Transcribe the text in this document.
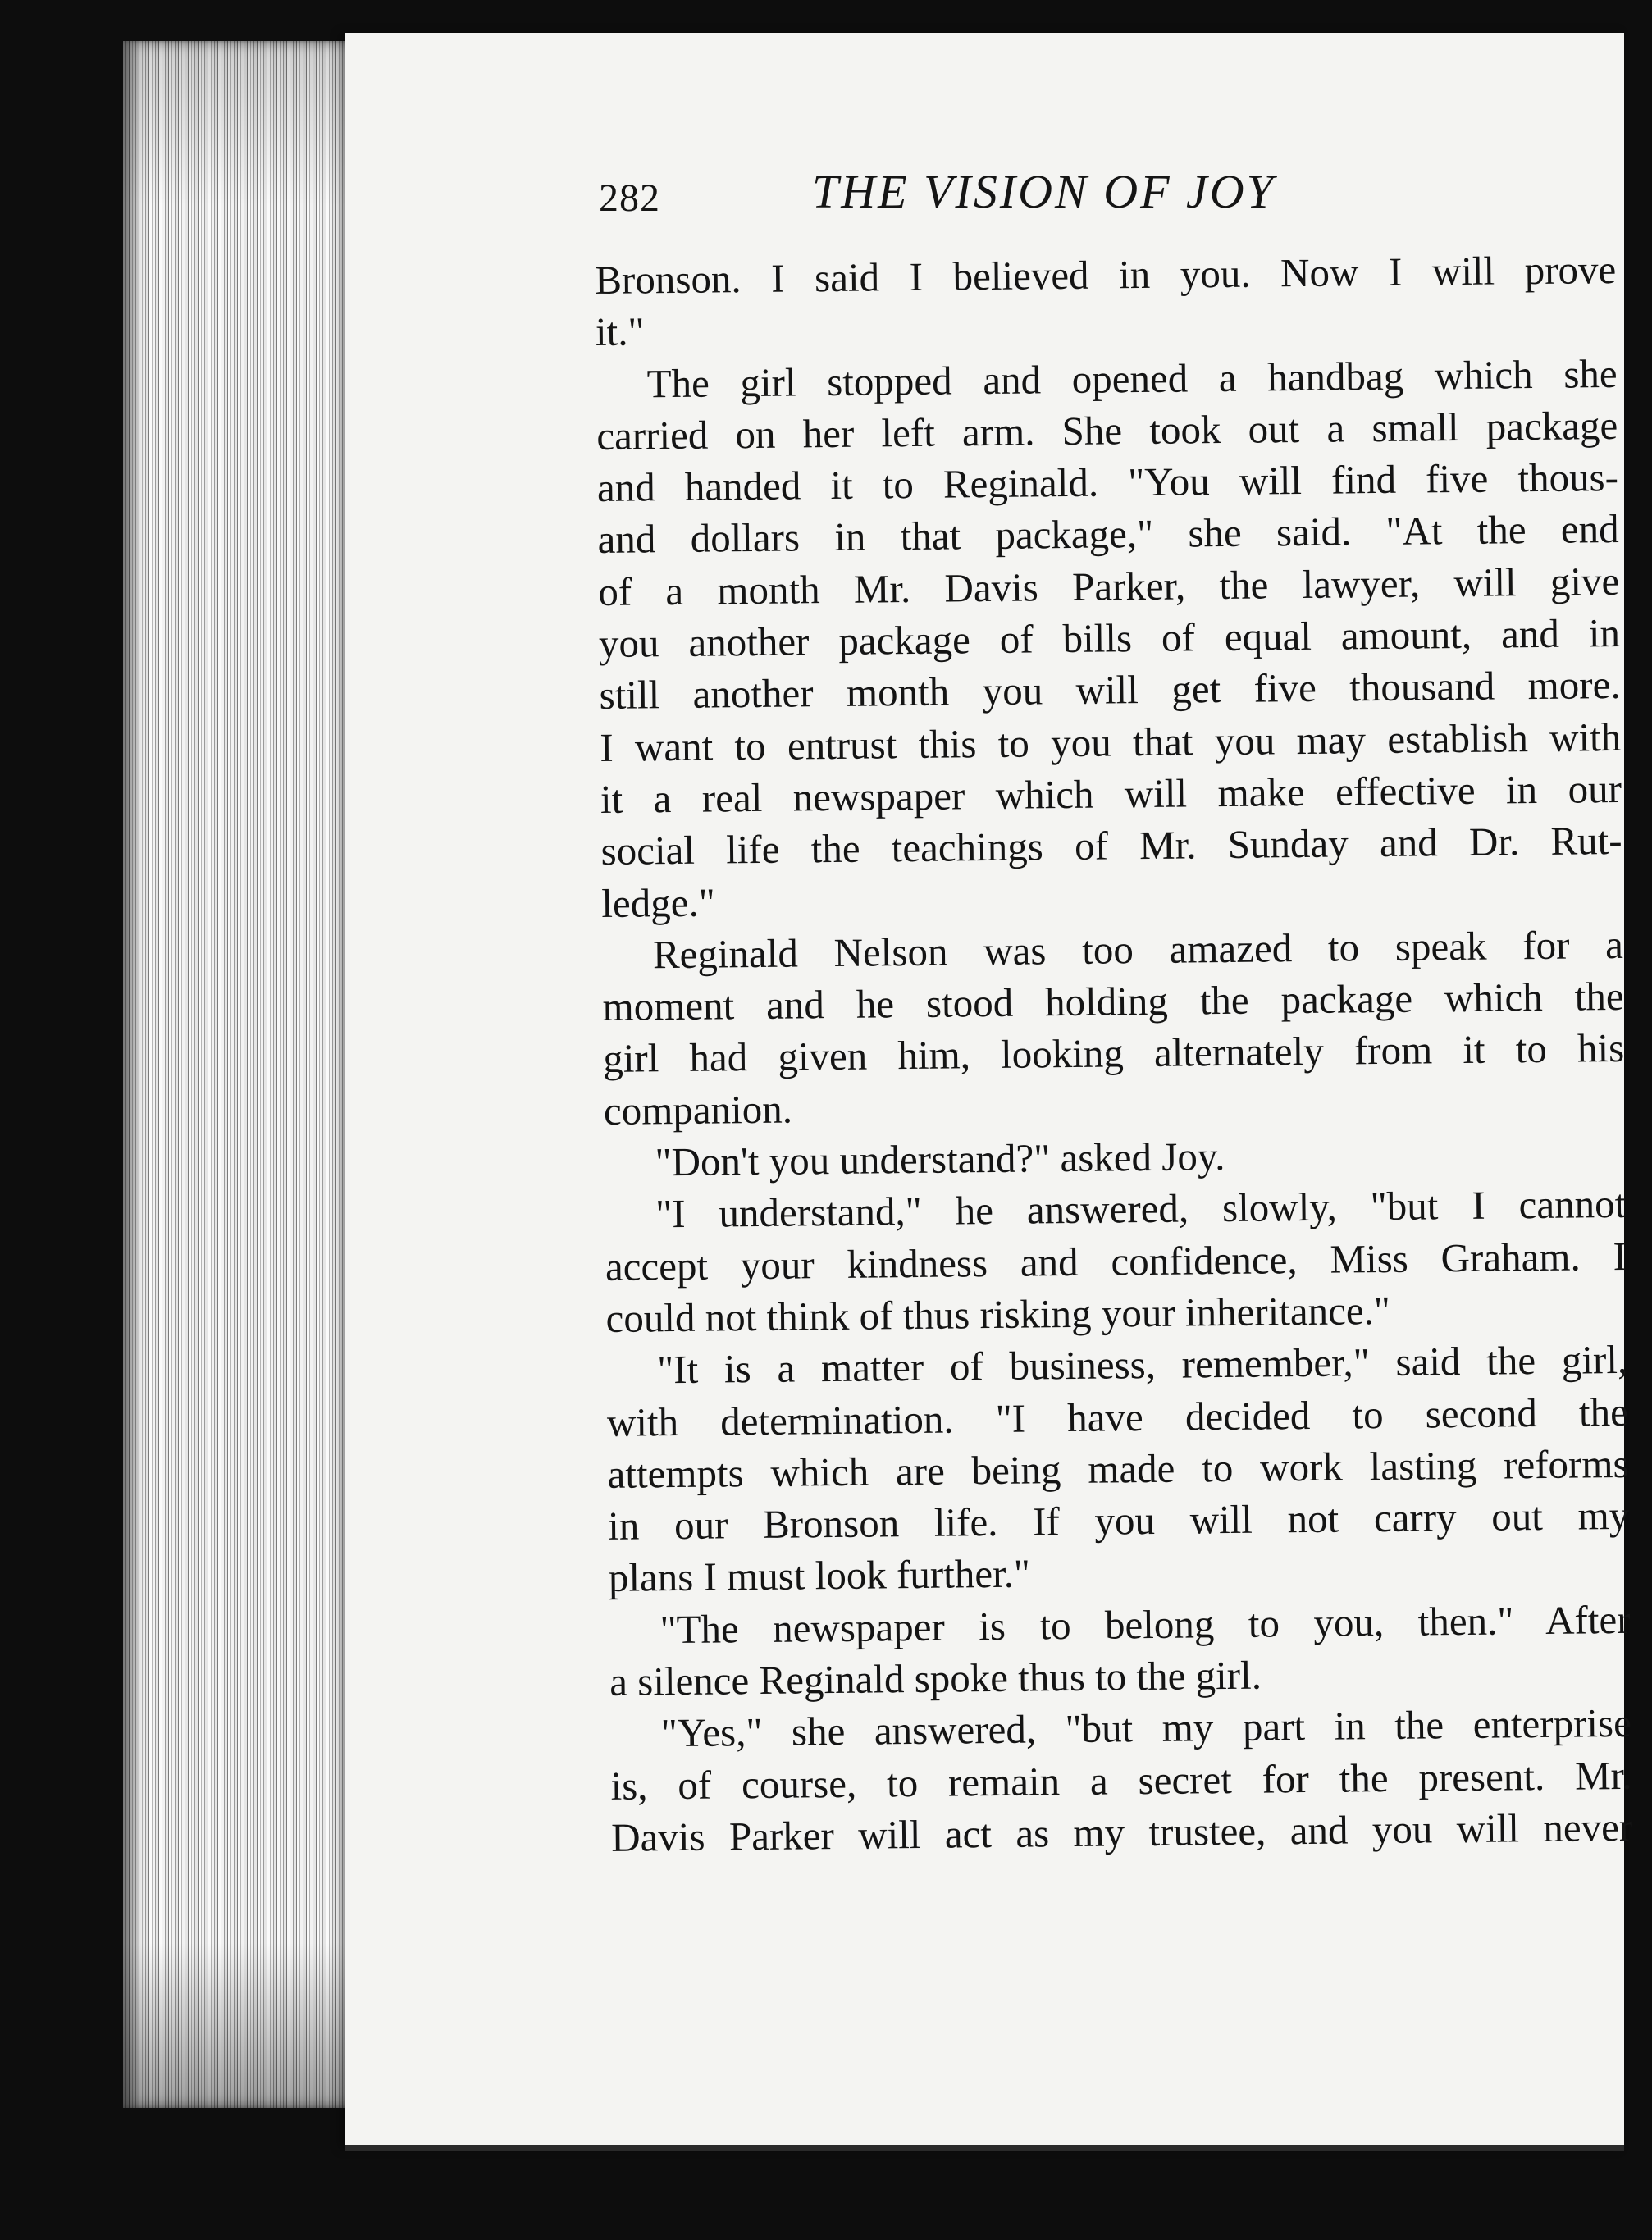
282	THE VISION OF JOY
Bronson. I said I believed in you. Now I will prove
it."
The girl stopped and opened a handbag which she
carried on her left arm. She took out a small package
and handed it to Reginald. "You will find five thous-
and dollars in that package," she said. "At the end
of a month Mr. Davis Parker, the lawyer, will give
you another package of bills of equal amount, and in
still another month you will get five thousand more.
I want to entrust this to you that you may establish with
it a real newspaper which will make effective in our
social life the teachings of Mr. Sunday and Dr. Rut-
ledge."
Reginald Nelson was too amazed to speak for a
moment and he stood holding the package which the
girl had given him, looking alternately from it to his
companion.
"Don't you understand?" asked Joy.
"I understand," he answered, slowly, "but I cannot
accept your kindness and confidence, Miss Graham. I
could not think of thus risking your inheritance."
"It is a matter of business, remember," said the girl,
with determination. "I have decided to second the
attempts which are being made to work lasting reforms
in our Bronson life. If you will not carry out my
plans I must look further."
"The newspaper is to belong to you, then." After
a silence Reginald spoke thus to the girl.
"Yes," she answered, "but my part in the enterprise
is, of course, to remain a secret for the present. Mr.
Davis Parker will act as my trustee, and you will never
